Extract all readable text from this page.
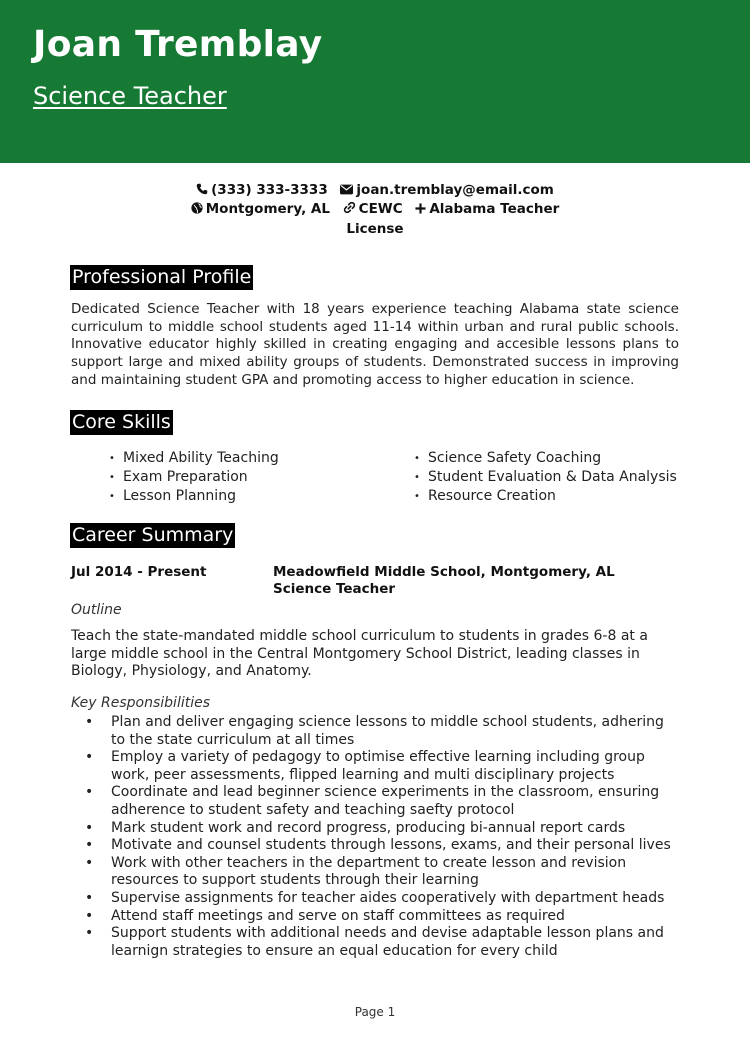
Joan Tremblay
Science Teacher
(333) 333-3333 joan.tremblay@email.com
Montgomery, AL CEWC Alabama Teacher
License
Professional Profile
Dedicated Science Teacher with 18 years experience teaching Alabama state science curriculum to middle school students aged 11-14 within urban and rural public schools. Innovative educator highly skilled in creating engaging and accesible lessons plans to support large and mixed ability groups of students. Demonstrated success in improving and maintaining student GPA and promoting access to higher education in science.
Core Skills
• Mixed Ability Teaching
• Exam Preparation
• Lesson Planning
• Science Safety Coaching
• Student Evaluation & Data Analysis
• Resource Creation
Career Summary
Jul 2014 - Present	Meadowfield Middle School, Montgomery, AL
Science Teacher
Outline
Teach the state-mandated middle school curriculum to students in grades 6-8 at a large middle school in the Central Montgomery School District, leading classes in Biology, Physiology, and Anatomy.
Key Responsibilities
• Plan and deliver engaging science lessons to middle school students, adhering to the state curriculum at all times
• Employ a variety of pedagogy to optimise effective learning including group work, peer assessments, flipped learning and multi disciplinary projects
• Coordinate and lead beginner science experiments in the classroom, ensuring adherence to student safety and teaching saefty protocol
• Mark student work and record progress, producing bi-annual report cards
• Motivate and counsel students through lessons, exams, and their personal lives
• Work with other teachers in the department to create lesson and revision resources to support students through their learning
• Supervise assignments for teacher aides cooperatively with department heads
• Attend staff meetings and serve on staff committees as required
• Support students with additional needs and devise adaptable lesson plans and learnign strategies to ensure an equal education for every child
Page 1
